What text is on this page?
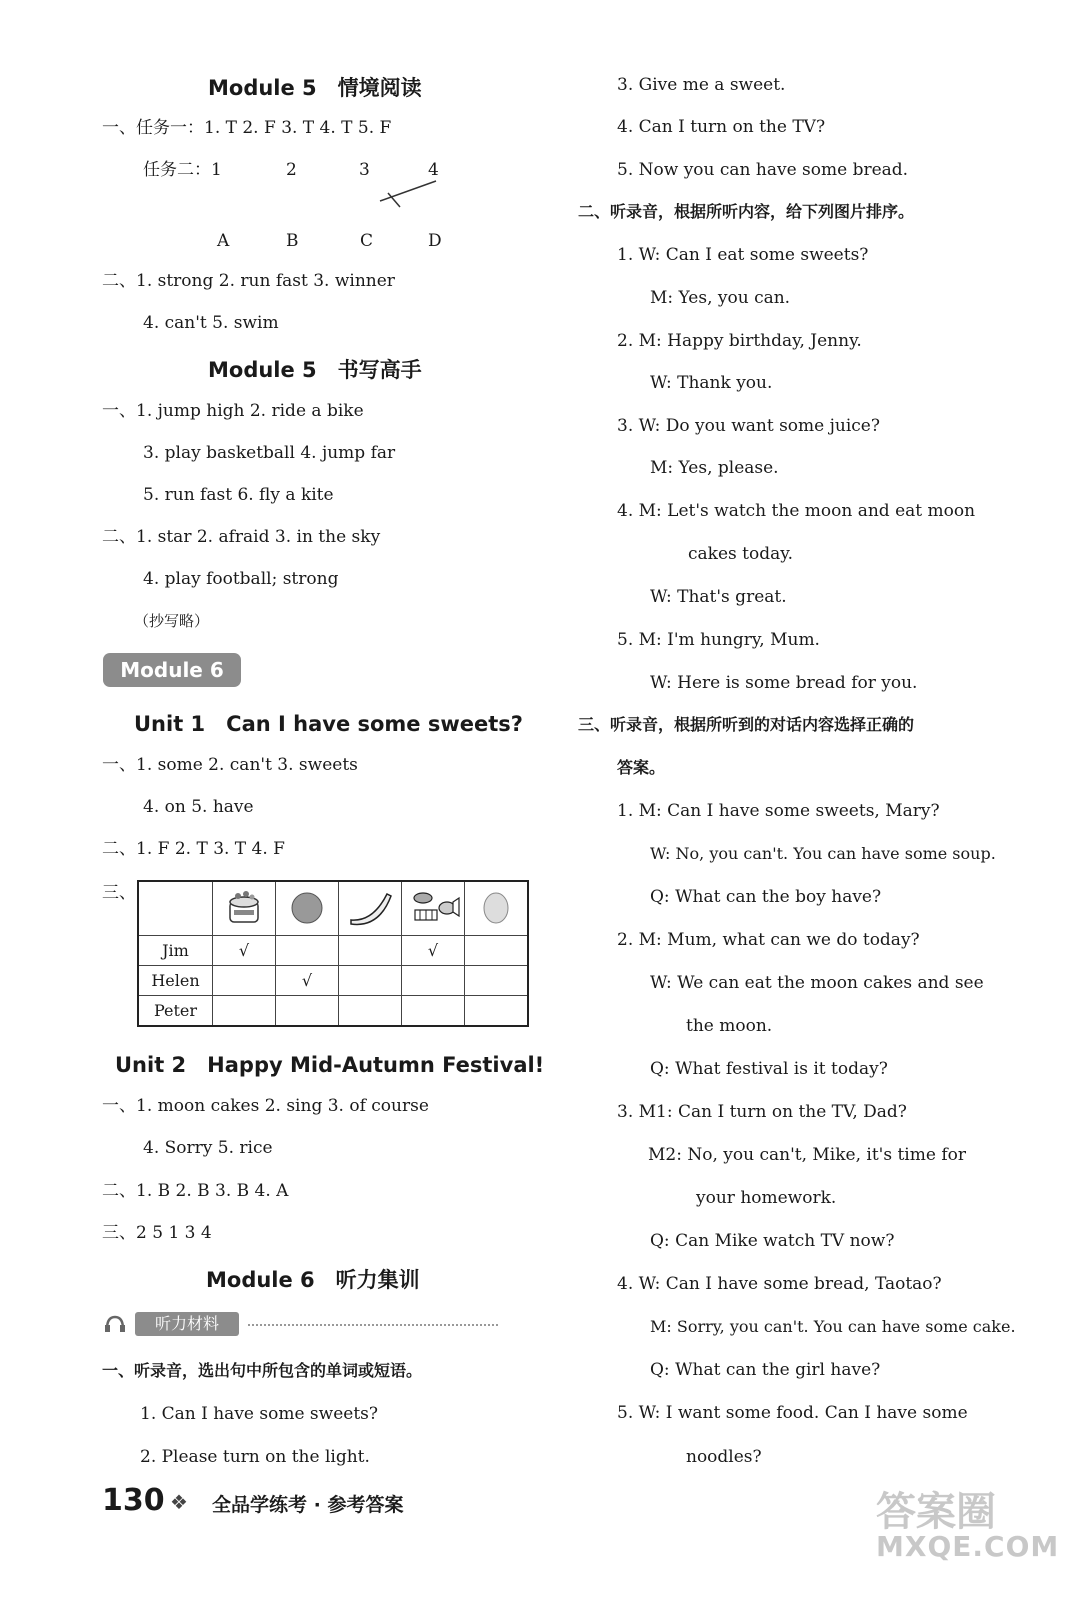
Module 5　情境阅读
一、任务一：1. T 2. F 3. T 4. T 5. F
任务二：1	2	3	4
A	B	C	D
二、1. strong 2. run fast 3. winner
4. can't 5. swim
Module 5　书写高手
一、1. jump high 2. ride a bike
3. play basketball 4. jump far
5. run fast 6. fly a kite
二、1. star 2. afraid 3. in the sky
4. play football; strong
（抄写略）
Module 6
Unit 1　Can I have some sweets?
一、1. some 2. can't 3. sweets
4. on 5. have
二、1. F 2. T 3. T 4. F
三、

Jim	√			√	
Helen		√			
Peter					
Unit 2　Happy Mid-Autumn Festival!
一、1. moon cakes 2. sing 3. of course
4. Sorry 5. rice
二、1. B 2. B 3. B 4. A
三、2 5 1 3 4
Module 6　听力集训
听力材料
一、听录音，选出句中所包含的单词或短语。
1. Can I have some sweets?
2. Please turn on the light.
3. Give me a sweet.
4. Can I turn on the TV?
5. Now you can have some bread.
二、听录音，根据所听内容，给下列图片排序。
1. W: Can I eat some sweets?
M: Yes, you can.
2. M: Happy birthday, Jenny.
W: Thank you.
3. W: Do you want some juice?
M: Yes, please.
4. M: Let's watch the moon and eat moon
cakes today.
W: That's great.
5. M: I'm hungry, Mum.
W: Here is some bread for you.
三、听录音，根据所听到的对话内容选择正确的
答案。
1. M: Can I have some sweets, Mary?
W: No, you can't. You can have some soup.
Q: What can the boy have?
2. M: Mum, what can we do today?
W: We can eat the moon cakes and see
the moon.
Q: What festival is it today?
3. M1: Can I turn on the TV, Dad?
M2: No, you can't, Mike, it's time for
your homework.
Q: Can Mike watch TV now?
4. W: Can I have some bread, Taotao?
M: Sorry, you can't. You can have some cake.
Q: What can the girl have?
5. W: I want some food. Can I have some
noodles?
130 ❖ 全品学练考 · 参考答案	答案圈
MXQE.COM
